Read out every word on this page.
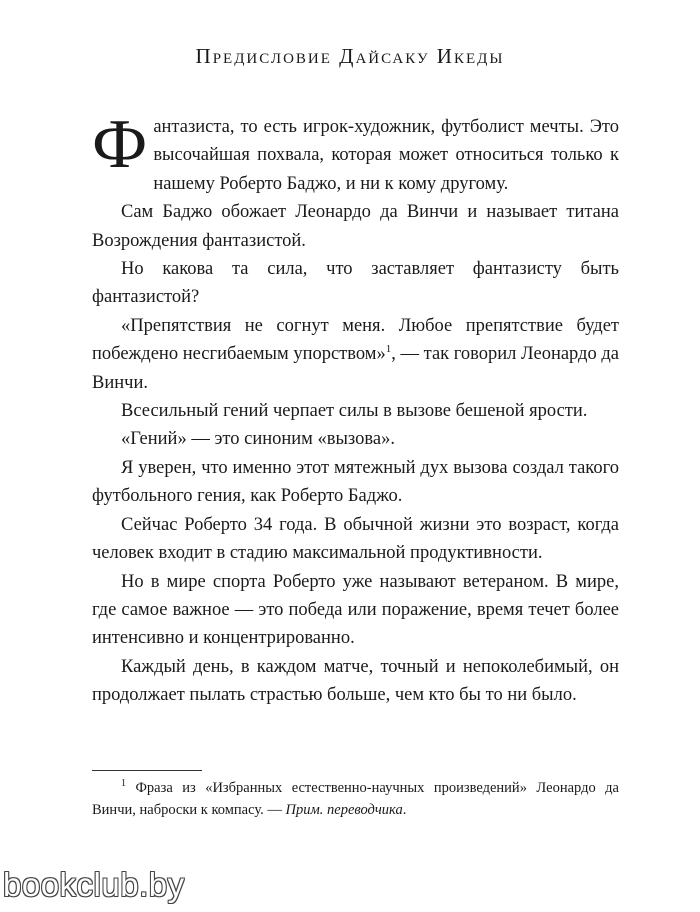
Предисловие Дайсаку Икеды

Фантазиста, то есть игрок-художник, футболист мечты. Это высочайшая похвала, которая может относиться только к нашему Роберто Баджо, и ни к кому другому.

Сам Баджо обожает Леонардо да Винчи и называет титана Возрождения фантазистой.

Но какова та сила, что заставляет фантазисту быть фантазистой?

«Препятствия не согнут меня. Любое препятствие будет побеждено несгибаемым упорством»$^1$, — так говорил Леонардо да Винчи.

Всесильный гений черпает силы в вызове бешеной ярости.

«Гений» — это синоним «вызова».

Я уверен, что именно этот мятежный дух вызова создал такого футбольного гения, как Роберто Баджо.

Сейчас Роберто 34 года. В обычной жизни это возраст, когда человек входит в стадию максимальной продуктивности.

Но в мире спорта Роберто уже называют ветераном. В мире, где самое важное — это победа или поражение, время течет более интенсивно и концентрированно.

Каждый день, в каждом матче, точный и непоколебимый, он продолжает пылать страстью больше, чем кто бы то ни было.

$^1$ Фраза из «Избранных естественно-научных произведений» Леонардо да Винчи, наброски к компасу. — Прим. переводчика.

bookclub.by
